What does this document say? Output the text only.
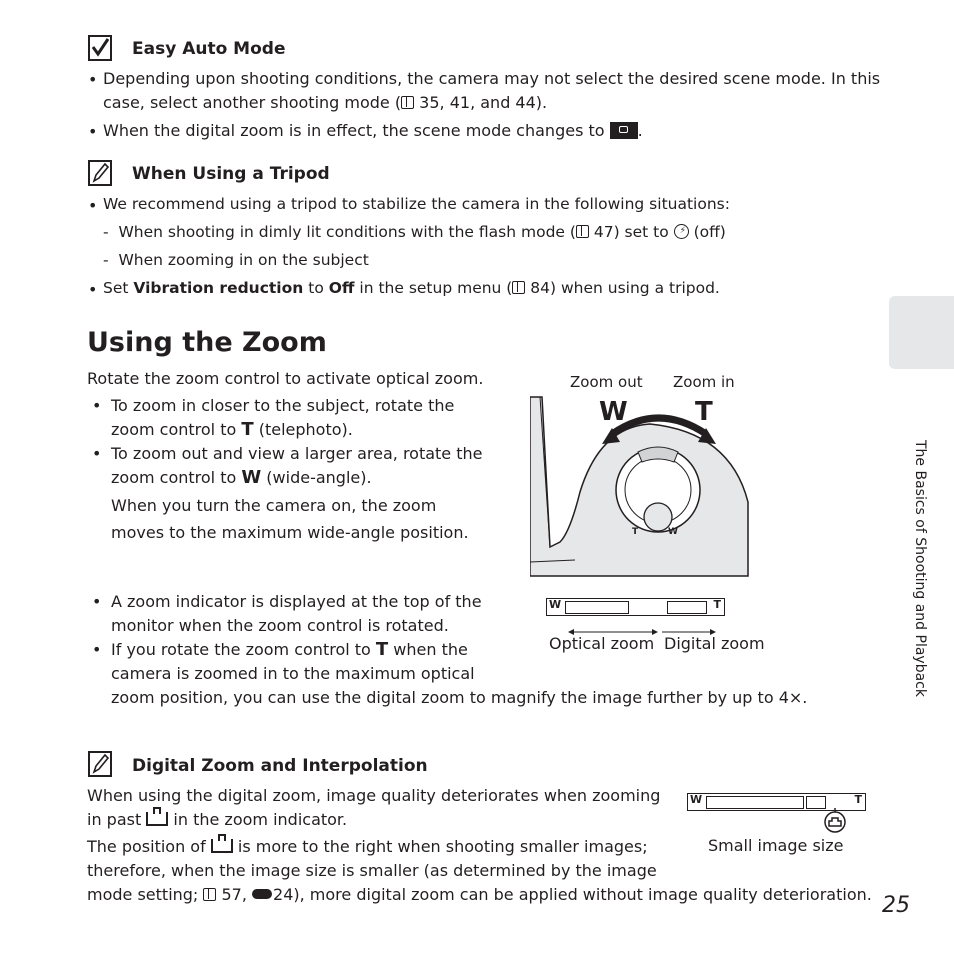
Easy Auto Mode
• Depending upon shooting conditions, the camera may not select the desired scene mode. In this
case, select another shooting mode ( 35, 41, and 44).
• When the digital zoom is in effect, the scene mode changes to .
When Using a Tripod
• We recommend using a tripod to stabilize the camera in the following situations:
-  When shooting in dimly lit conditions with the flash mode ( 47) set to ⚡ (off)
-  When zooming in on the subject
• Set Vibration reduction to Off in the setup menu ( 84) when using a tripod.
Using the Zoom
Rotate the zoom control to activate optical zoom.
• To zoom in closer to the subject, rotate the
zoom control to T (telephoto).
• To zoom out and view a larger area, rotate the
zoom control to W (wide-angle).
When you turn the camera on, the zoom
moves to the maximum wide-angle position.	T	W
Zoom out Zoom in
W	T
• A zoom indicator is displayed at the top of the
monitor when the zoom control is rotated.
• If you rotate the zoom control to T when the
camera is zoomed in to the maximum optical
zoom position, you can use the digital zoom to magnify the image further by up to 4×.
W	T
Optical zoom Digital zoom
Digital Zoom and Interpolation
When using the digital zoom, image quality deteriorates when zooming
in past
in the zoom indicator.
The position of
is more to the right when shooting smaller images;
therefore, when the image size is smaller (as determined by the image
mode setting;  57, 24), more digital zoom can be applied without image quality deterioration.
W	T
Small image size
The Basics of Shooting and Playback
25
